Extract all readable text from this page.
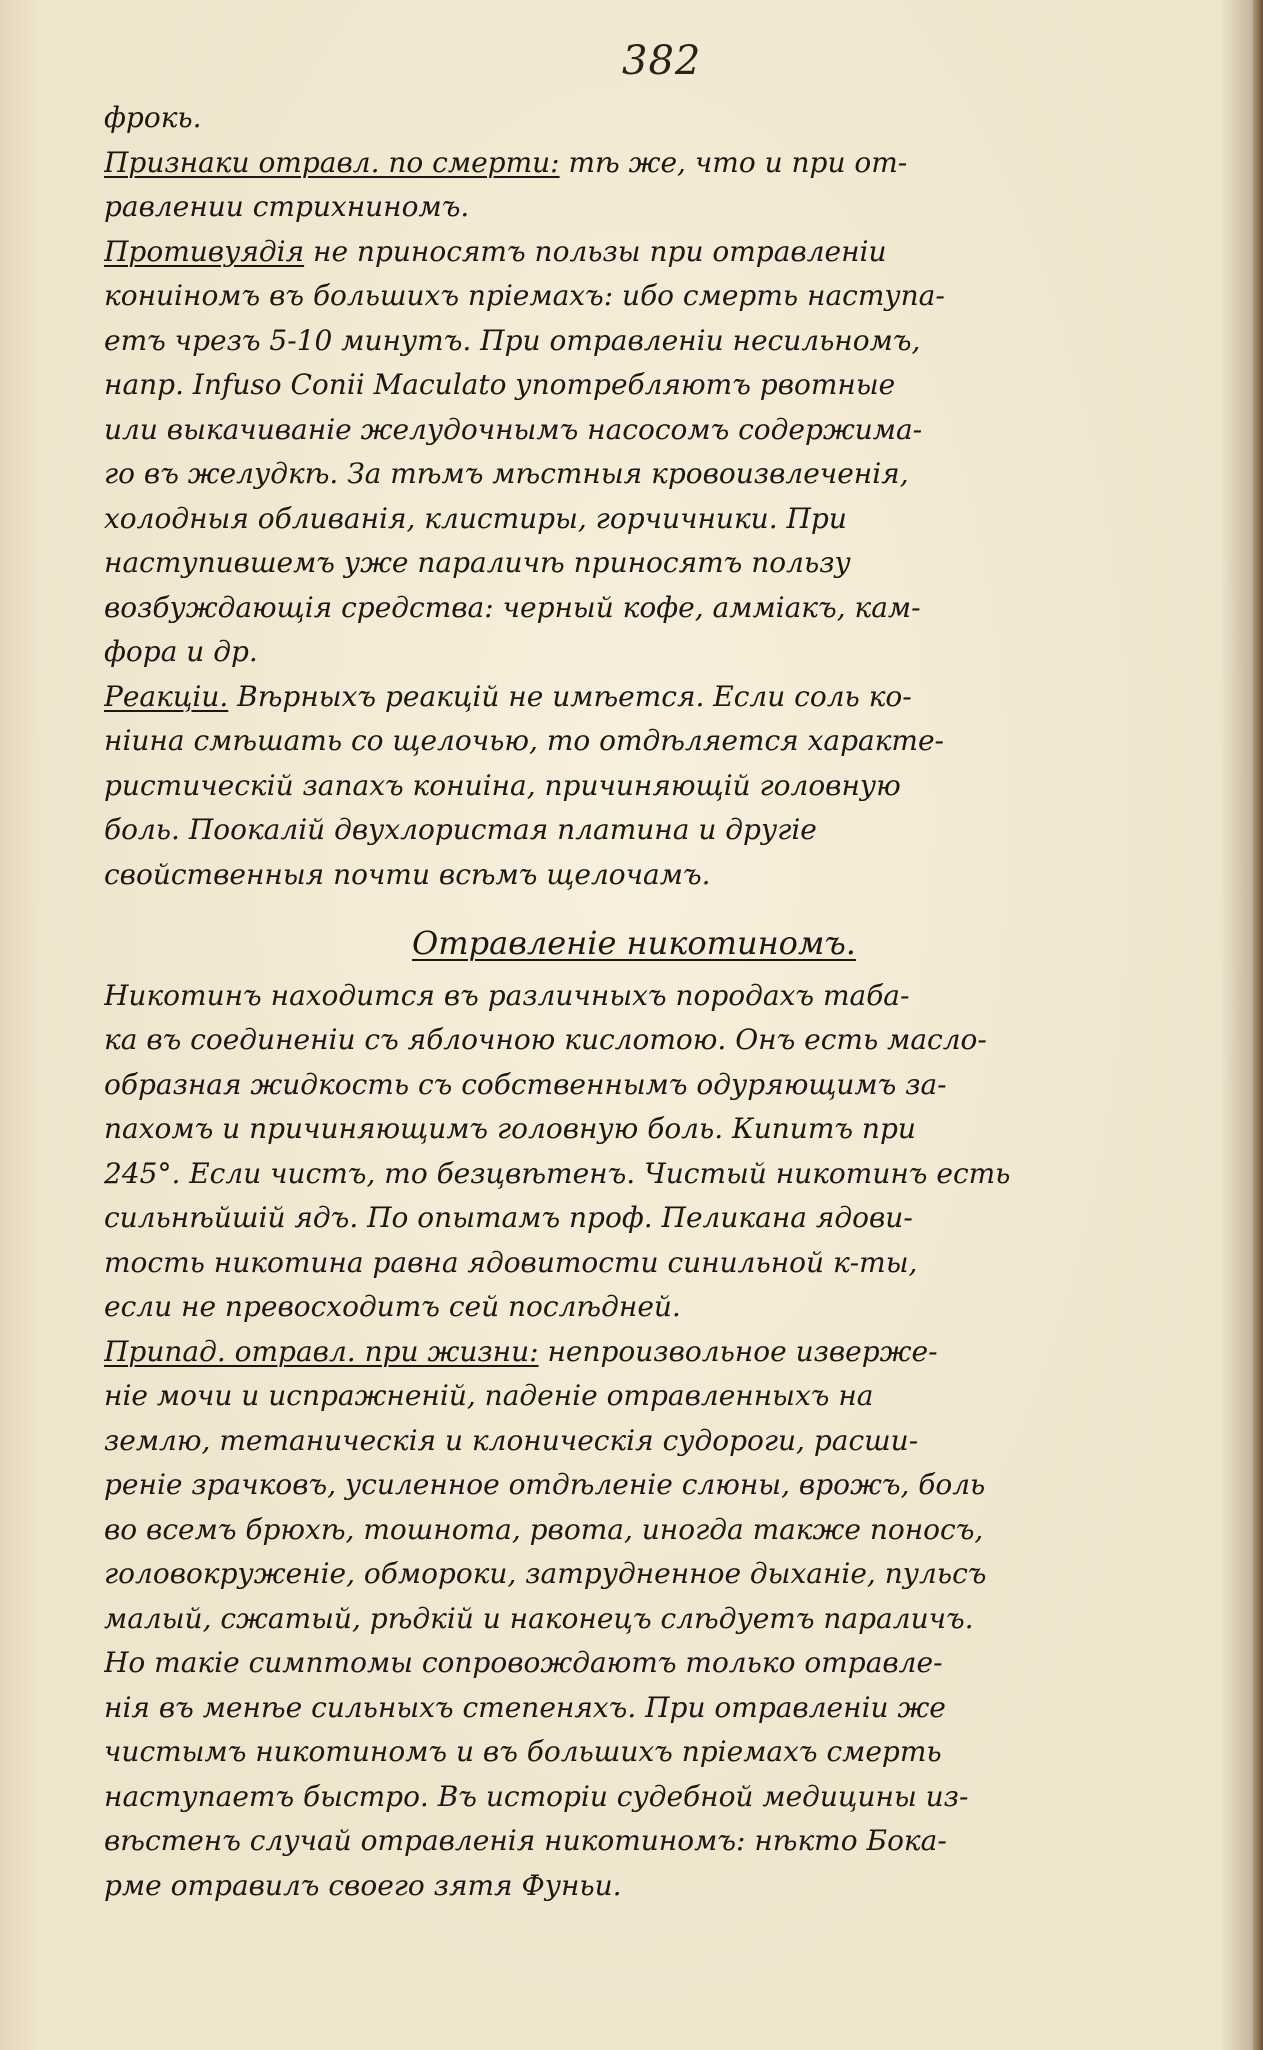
382
фрокь.
Признаки отравл. по смерти: тѣ же, что и при от-
равлении стрихниномъ.
Противуядiя не приносятъ пользы при отравленiи
кониiномъ въ большихъ прiемахъ: ибо смерть наступа-
етъ чрезъ 5-10 минутъ. При отравленiи несильномъ,
напр. Infuso Conii Maculato употребляютъ рвотные
или выкачиванiе желудочнымъ насосомъ содержима-
го въ желудкѣ. За тѣмъ мѣстныя кровоизвлеченiя,
холодныя обливанiя, клистиры, горчичники. При
наступившемъ уже параличѣ приносятъ пользу
возбуждающiя средства: черный кофе, аммiакъ, кам-
фора и др.
Реакцiи. Вѣрныхъ реакцiй не имѣется. Если соль ко-
нiина смѣшать со щелочью, то отдѣляется характе-
ристическiй запахъ кониiна, причиняющiй головную
боль. Поокалiй двухлористая платина и другiе
свойственныя почти всѣмъ щелочамъ.
Отравленiе никотиномъ.
Никотинъ находится въ различныхъ породахъ таба-
ка въ соединенiи съ яблочною кислотою. Онъ есть масло-
образная жидкость съ собственнымъ одуряющимъ за-
пахомъ и причиняющимъ головную боль. Кипитъ при
245°. Если чистъ, то безцвѣтенъ. Чистый никотинъ есть
сильнѣйшiй ядъ. По опытамъ проф. Пеликана ядови-
тость никотина равна ядовитости синильной к-ты,
если не превосходитъ сей послѣдней.
Припад. отравл. при жизни: непроизвольное изверже-
нiе мочи и испражненiй, паденiе отравленныхъ на
землю, тетаническiя и клоническiя судороги, расши-
ренiе зрачковъ, усиленное отдѣленiе слюны, врожъ, боль
во всемъ брюхѣ, тошнота, рвота, иногда также поносъ,
головокруженiе, обмороки, затрудненное дыханiе, пульсъ
малый, сжатый, рѣдкiй и наконецъ слѣдуетъ параличъ.
Но такiе симптомы сопровождаютъ только отравле-
нiя въ менѣе сильныхъ степеняхъ. При отравленiи же
чистымъ никотиномъ и въ большихъ прiемахъ смерть
наступаетъ быстро. Въ исторiи судебной медицины из-
вѣстенъ случай отравленiя никотиномъ: нѣкто Бока-
рме отравилъ своего зятя Фуньи.
